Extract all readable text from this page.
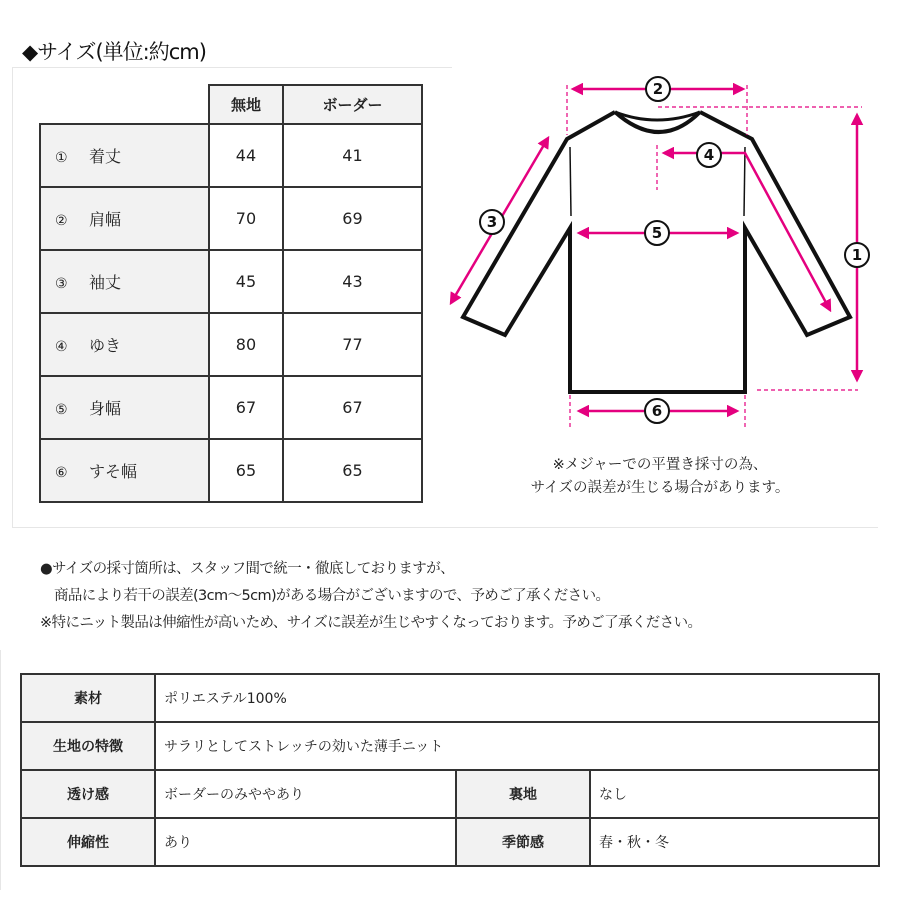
◆サイズ(単位:約cm)
	無地	ボーダー
① 着丈	44	41
② 肩幅	70	69
③ 袖丈	45	43
④ ゆき	80	77
⑤ 身幅	67	67
⑥ すそ幅	65	65
1
2
3
4
5
6
※メジャーでの平置き採寸の為、
サイズの誤差が生じる場合があります。
●サイズの採寸箇所は、スタッフ間で統一・徹底しておりますが、
商品により若干の誤差(3cm〜5cm)がある場合がございますので、予めご了承ください。
※特にニット製品は伸縮性が高いため、サイズに誤差が生じやすくなっております。予めご了承ください。
素材	ポリエステル100%		
生地の特徴	サラリとしてストレッチの効いた薄手ニット		
透け感	ボーダーのみややあり	裏地	なし
伸縮性	あり	季節感	春・秋・冬
